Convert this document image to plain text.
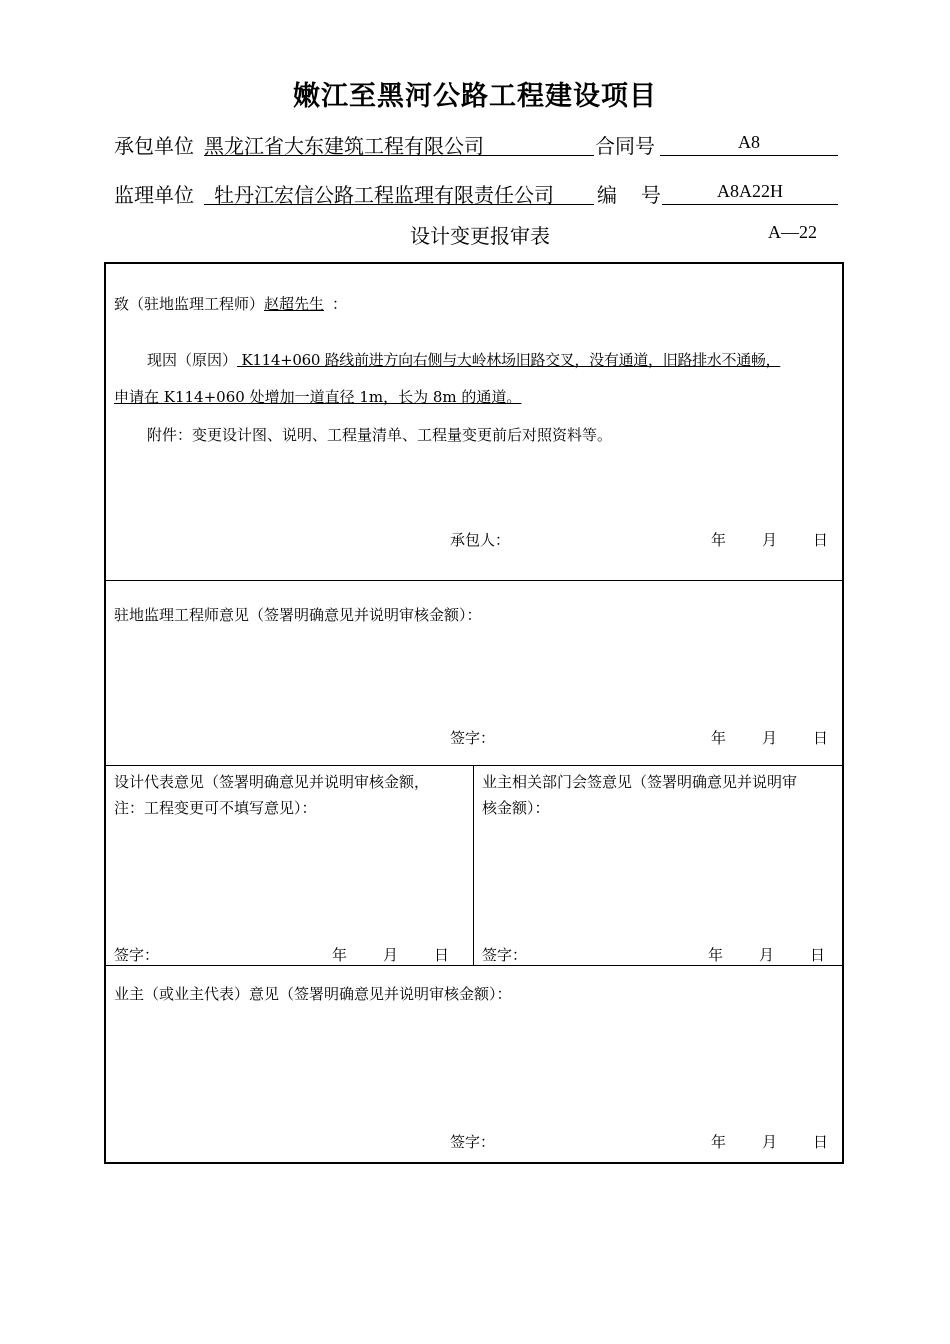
嫩江至黑河公路工程建设项目
承包单位 黑龙江省大东建筑工程有限公司	合同号	A8
监理单位 牡丹江宏信公路工程监理有限责任公司 编 号	A8A22H
设计变更报审表	A—22
致（驻地监理工程师）赵超先生 ：
现因（原因） K114+060 路线前进方向右侧与大岭林场旧路交叉，没有通道，旧路排水不通畅，
申请在 K114+060 处增加一道直径 1m，长为 8m 的通道。
附件：变更设计图、说明、工程量清单、工程量变更前后对照资料等。
承包人：	年 月 日
驻地监理工程师意见（签署明确意见并说明审核金额）：
签字：	年 月 日
设计代表意见（签署明确意见并说明审核金额，
注：工程变更可不填写意见）：
签字：	年 月 日
业主相关部门会签意见（签署明确意见并说明审
核金额）：
签字：	年 月 日
业主（或业主代表）意见（签署明确意见并说明审核金额）：
签字：	年 月 日
